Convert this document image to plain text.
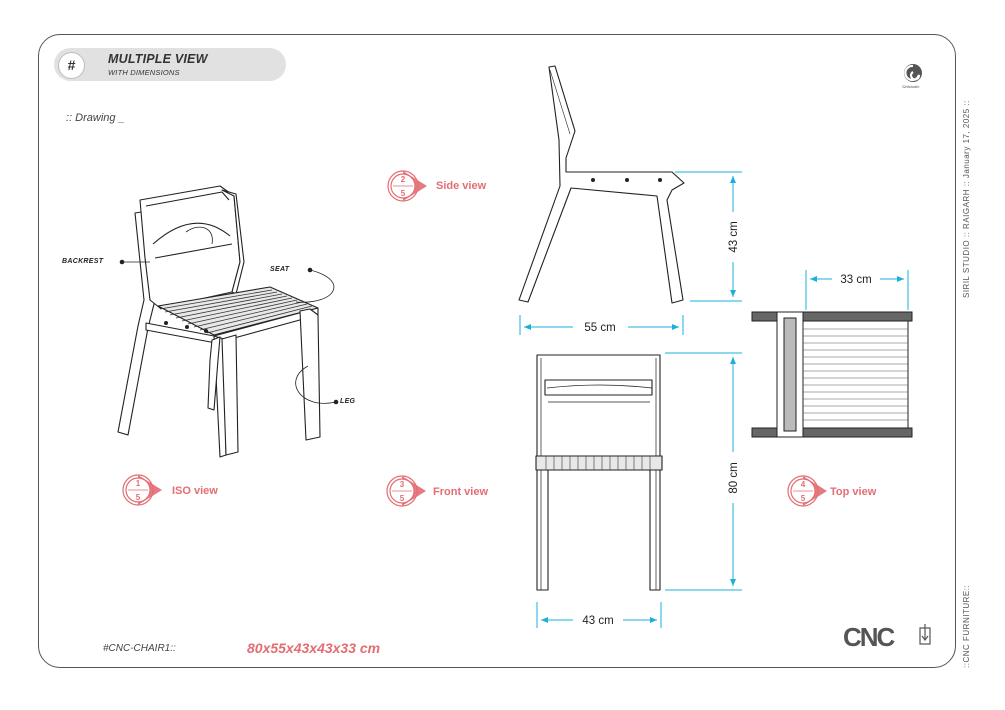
#	MULTIPLE VIEW
WITH DIMENSIONS
:: Drawing _
Sirilstudio
1
5
2
5
3
5
4
5
55 cm
43 cm
80 cm
43 cm
33 cm
CNC
ISO view
Side view
Front view	Top view
BACKREST
SEAT
LEG
#CNC-CHAIR1::	80x55x43x43x33 cm
SIRIL STUDIO :: RAIGARH :: January 17, 2025 ::
::CNC FURNITURE::
